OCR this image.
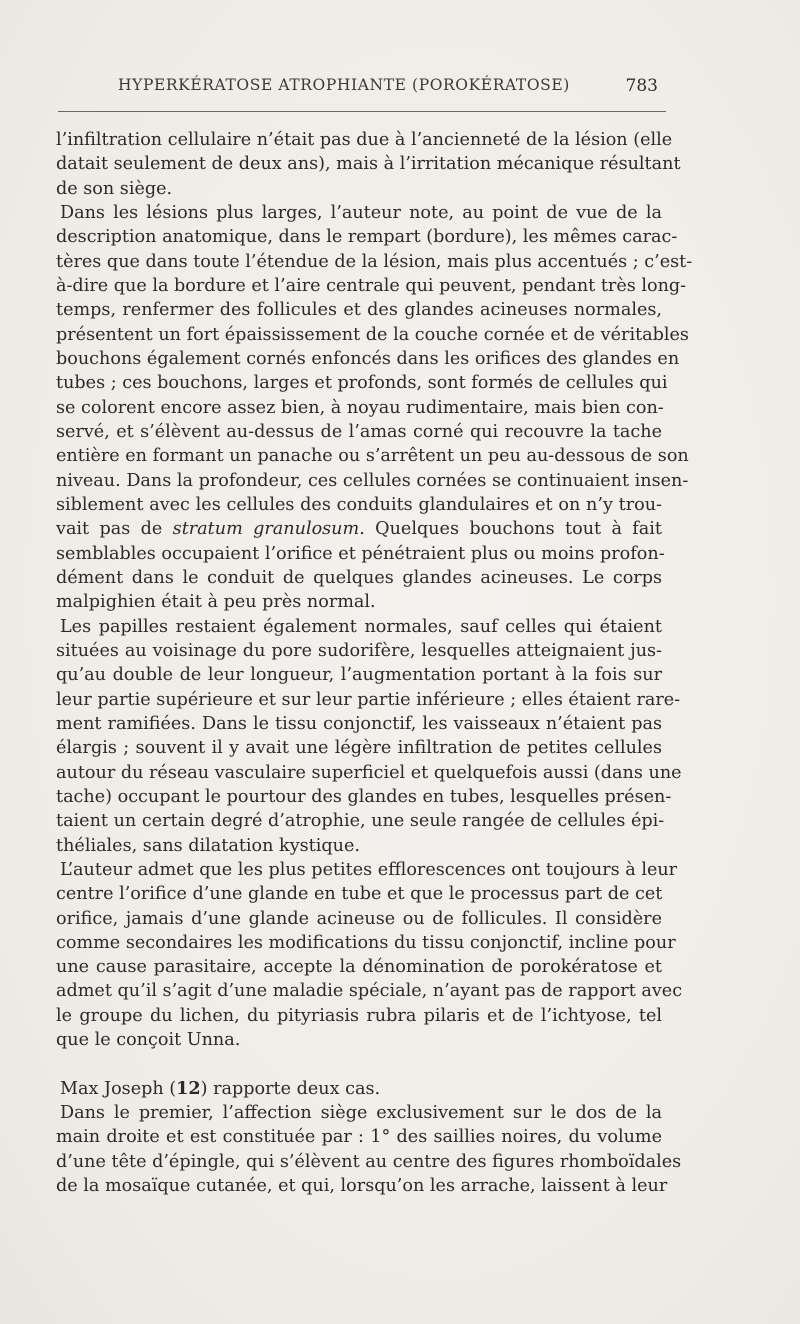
HYPERKÉRATOSE ATROPHIANTE (POROKÉRATOSE)	783
l’infiltration cellulaire n’était pas due à l’ancienneté de la lésion (elle
datait seulement de deux ans), mais à l’irritation mécanique résultant
de son siège.
Dans les lésions plus larges, l’auteur note, au point de vue de la
description anatomique, dans le rempart (bordure), les mêmes carac-
tères que dans toute l’étendue de la lésion, mais plus accentués ; c’est-
à-dire que la bordure et l’aire centrale qui peuvent, pendant très long-
temps, renfermer des follicules et des glandes acineuses normales,
présentent un fort épaississement de la couche cornée et de véritables
bouchons également cornés enfoncés dans les orifices des glandes en
tubes ; ces bouchons, larges et profonds, sont formés de cellules qui
se colorent encore assez bien, à noyau rudimentaire, mais bien con-
servé, et s’élèvent au-dessus de l’amas corné qui recouvre la tache
entière en formant un panache ou s’arrêtent un peu au-dessous de son
niveau. Dans la profondeur, ces cellules cornées se continuaient insen-
siblement avec les cellules des conduits glandulaires et on n’y trou-
vait pas de stratum granulosum. Quelques bouchons tout à fait
semblables occupaient l’orifice et pénétraient plus ou moins profon-
dément dans le conduit de quelques glandes acineuses. Le corps
malpighien était à peu près normal.
Les papilles restaient également normales, sauf celles qui étaient
situées au voisinage du pore sudorifère, lesquelles atteignaient jus-
qu’au double de leur longueur, l’augmentation portant à la fois sur
leur partie supérieure et sur leur partie inférieure ; elles étaient rare-
ment ramifiées. Dans le tissu conjonctif, les vaisseaux n’étaient pas
élargis ; souvent il y avait une légère infiltration de petites cellules
autour du réseau vasculaire superficiel et quelquefois aussi (dans une
tache) occupant le pourtour des glandes en tubes, lesquelles présen-
taient un certain degré d’atrophie, une seule rangée de cellules épi-
théliales, sans dilatation kystique.
L’auteur admet que les plus petites efflorescences ont toujours à leur
centre l’orifice d’une glande en tube et que le processus part de cet
orifice, jamais d’une glande acineuse ou de follicules. Il considère
comme secondaires les modifications du tissu conjonctif, incline pour
une cause parasitaire, accepte la dénomination de porokératose et
admet qu’il s’agit d’une maladie spéciale, n’ayant pas de rapport avec
le groupe du lichen, du pityriasis rubra pilaris et de l’ichtyose, tel
que le conçoit Unna.
Max Joseph (12) rapporte deux cas.
Dans le premier, l’affection siège exclusivement sur le dos de la
main droite et est constituée par : 1° des saillies noires, du volume
d’une tête d’épingle, qui s’élèvent au centre des figures rhomboïdales
de la mosaïque cutanée, et qui, lorsqu’on les arrache, laissent à leur
